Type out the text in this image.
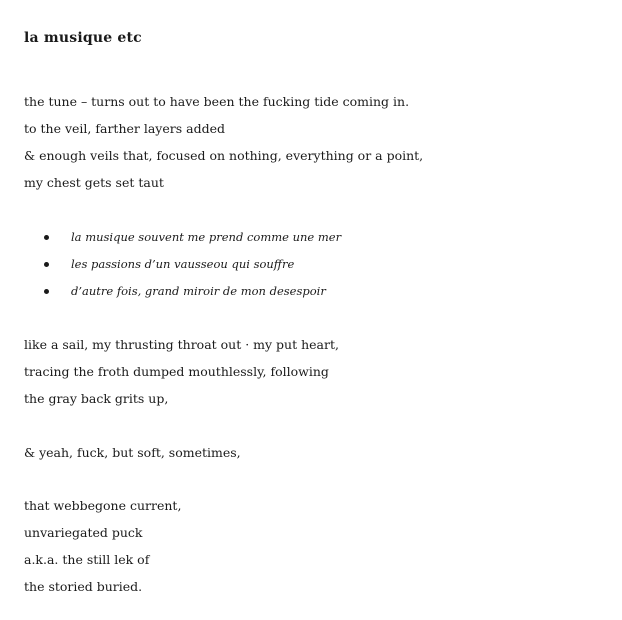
la musique etc
the tune – turns out to have been the fucking tide coming in.
to the veil, farther layers added
& enough veils that, focused on nothing, everything or a point,
my chest gets set taut
la musique souvent me prend comme une mer
les passions d’un vausseou qui souffre
d’autre fois, grand miroir de mon desespoir
like a sail, my thrusting throat out · my put heart,
tracing the froth dumped mouthlessly, following
the gray back grits up,
& yeah, fuck, but soft, sometimes,
that webbegone current,
unvariegated puck
a.k.a. the still lek of
the storied buried.
